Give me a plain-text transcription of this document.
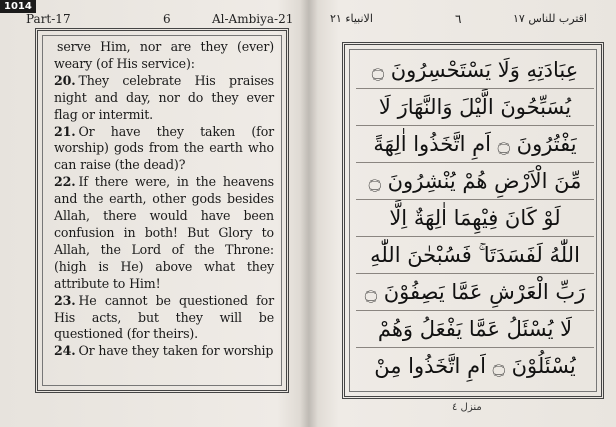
1014
Part-17	6	Al-Ambiya-21	الانبياء ٢١	٦	اقترب للناس ١٧

serve Him, nor are they (ever) weary (of His service):

20. They celebrate His praises night and day, nor do they ever flag or intermit.

21. Or have they taken (for worship) gods from the earth who can raise (the dead)?

22. If there were, in the heavens and the earth, other gods besides Allah, there would have been confusion in both! But Glory to Allah, the Lord of the Throne: (high is He) above what they attribute to Him!

23. He cannot be questioned for His acts, but they will be questioned (for theirs).

24. Or have they taken for worship

عِبَادَتِهِ وَلَا يَسْتَحْسِرُونَ ۝
يُسَبِّحُونَ الَّيْلَ وَالنَّهَارَ لَا
يَفْتُرُونَ ۝ اَمِ اتَّخَذُوا اٰلِهَةً
مِّنَ الْاَرْضِ هُمْ يُنْشِرُونَ ۝
لَوْ كَانَ فِيْهِمَا اٰلِهَةٌ اِلَّا
اللّٰهُ لَفَسَدَتَا ۚ فَسُبْحٰنَ اللّٰهِ
رَبِّ الْعَرْشِ عَمَّا يَصِفُوْنَ ۝
لَا يُسْئَلُ عَمَّا يَفْعَلُ وَهُمْ
يُسْئَلُوْنَ ۝ اَمِ اتَّخَذُوا مِنْ
منزل ٤
